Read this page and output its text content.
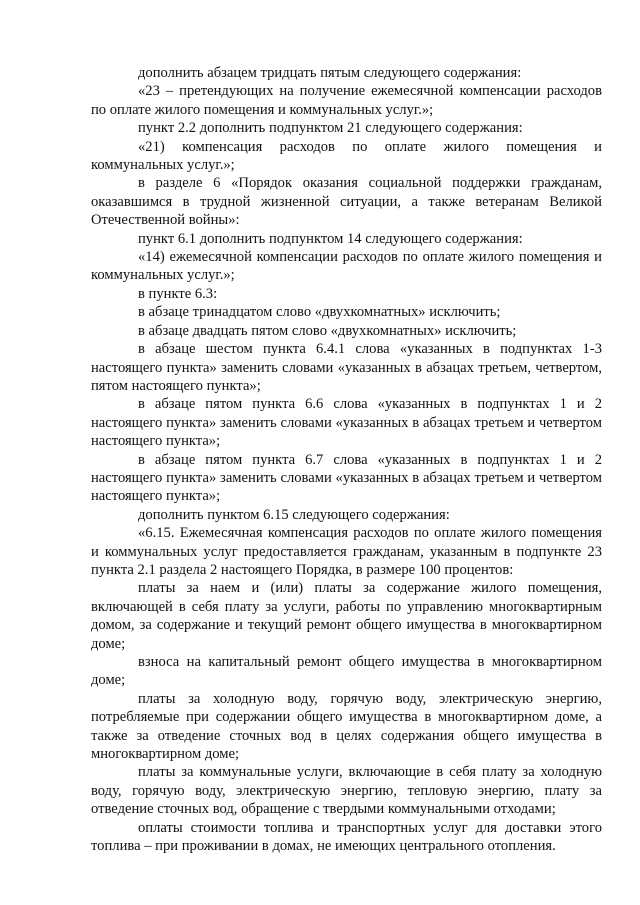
дополнить абзацем тридцать пятым следующего содержания:

«23 – претендующих на получение ежемесячной компенсации расходов по оплате жилого помещения и коммунальных услуг.»;

пункт 2.2 дополнить подпунктом 21 следующего содержания:

«21) компенсация расходов по оплате жилого помещения и коммунальных услуг.»;

в разделе 6 «Порядок оказания социальной поддержки гражданам, оказавшимся в трудной жизненной ситуации, а также ветеранам Великой Отечественной войны»:

пункт 6.1 дополнить подпунктом 14 следующего содержания:

«14) ежемесячной компенсации расходов по оплате жилого помещения и коммунальных услуг.»;

в пункте 6.3:

в абзаце тринадцатом слово «двухкомнатных» исключить;

в абзаце двадцать пятом слово «двухкомнатных» исключить;

в абзаце шестом пункта 6.4.1 слова «указанных в подпунктах 1-3 настоящего пункта» заменить словами «указанных в абзацах третьем, четвертом, пятом настоящего пункта»;

в абзаце пятом пункта 6.6 слова «указанных в подпунктах 1 и 2 настоящего пункта» заменить словами «указанных в абзацах третьем и четвертом настоящего пункта»;

в абзаце пятом пункта 6.7 слова «указанных в подпунктах 1 и 2 настоящего пункта» заменить словами «указанных в абзацах третьем и четвертом настоящего пункта»;

дополнить пунктом 6.15 следующего содержания:

«6.15. Ежемесячная компенсация расходов по оплате жилого помещения и коммунальных услуг предоставляется гражданам, указанным в подпункте 23 пункта 2.1 раздела 2 настоящего Порядка, в размере 100 процентов:

платы за наем и (или) платы за содержание жилого помещения, включающей в себя плату за услуги, работы по управлению многоквартирным домом, за содержание и текущий ремонт общего имущества в многоквартирном доме;

взноса на капитальный ремонт общего имущества в многоквартирном доме;

платы за холодную воду, горячую воду, электрическую энергию, потребляемые при содержании общего имущества в многоквартирном доме, а также за отведение сточных вод в целях содержания общего имущества в многоквартирном доме;

платы за коммунальные услуги, включающие в себя плату за холодную воду, горячую воду, электрическую энергию, тепловую энергию, плату за отведение сточных вод, обращение с твердыми коммунальными отходами;

оплаты стоимости топлива и транспортных услуг для доставки этого топлива – при проживании в домах, не имеющих центрального отопления.
